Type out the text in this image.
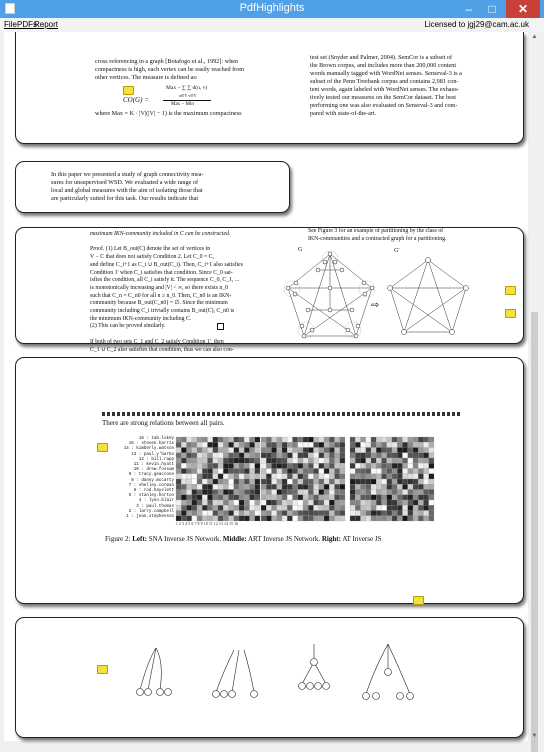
PdfHighlights	–	□	✕
File PDFs
Report	Licensed to jgj29@cam.ac.uk
cross referencing in a graph [Botafogo et al., 1992]: when
compactness is high, each vertex can be easily reached from
other vertices. The measure is defined as:
Max − ∑ ∑ d(u, v)
u∈V v∈V
CO(G) =
Max − Min
where Max = K · |V|(|V| − 1) is the maximum compactness
test set (Snyder and Palmer, 2004). SemCor is a subset of
the Brown corpus, and includes more than 200,000 content
words manually tagged with WordNet senses. Senseval-3 is a
subset of the Penn Treebank corpus and contains 2,081 con-
tent words, again labeled with WordNet senses. The exhaus-
tively tested our measures on the SemCor dataset. The best
performing one was also evaluated on Senseval-3 and com-
pared with state-of-the-art.
In this paper we presented a study of graph connectivity mea-
sures for unsupervised WSD. We evaluated a wide range of
local and global measures with the aim of isolating those that
are particularly suited for this task. Our results indicate that
maximum IKN-community included in C can be constructed.

Proof. (1) Let B_out(C) denote the set of vertices in
V − C that does not satisfy Condition 2. Let C_0 = C,
and define C_i+1 as C_i ∪ B_out(C_i). Then, C_i+1 also satisfies
Condition 1' when C_i satisfies that condition. Since C_0 sat-
isfies the condition, all C_i satisfy it. The sequence C_0, C_1, ...
is monotonically increasing and |V| < ∞, so there exists n_0
such that C_n = C_n0 for all n ≥ n_0. Then, C_n0 is an IKN-
community because B_out(C_n0) = ∅. Since the minimum
community including C_i trivially contains B_out(C), C_n0 is
the minimum IKN-community including C.
(2) This can be proved similarly.

If both of two sets C_1 and C_2 satisfy Condition 1', then
C_1 ∪ C_2 also satisfies that condition, thus we can also con-
See Figure 3 for an example of partitioning by the class of
IKN-communities and a contracted graph for a partitioning.
G	G'
⇨
There are strong relations between all pairs.
16 : tab.lokey
15 : steven.harris
14 : kimberly.watson
13 : paul.y'barbo
12 : bill.rapp
11 : kevin.hyatt
10 : drew.fossum
9 : tracy.geaccone
8 : danny.mccarty
7 : shelley.corman
6 : rod.hayslett
5 : stanley.horton
4 : lynn.blair
3 : paul.thomas
2 : larry.campbell
1 : jean.stephenson
1 2 3 4 5 6 7 8 9 10 11 12 13 14 15 16
Figure 2: Left: SNA Inverse JS Network. Middle: ART Inverse JS Network. Right: AT Inverse JS
▲
▼
